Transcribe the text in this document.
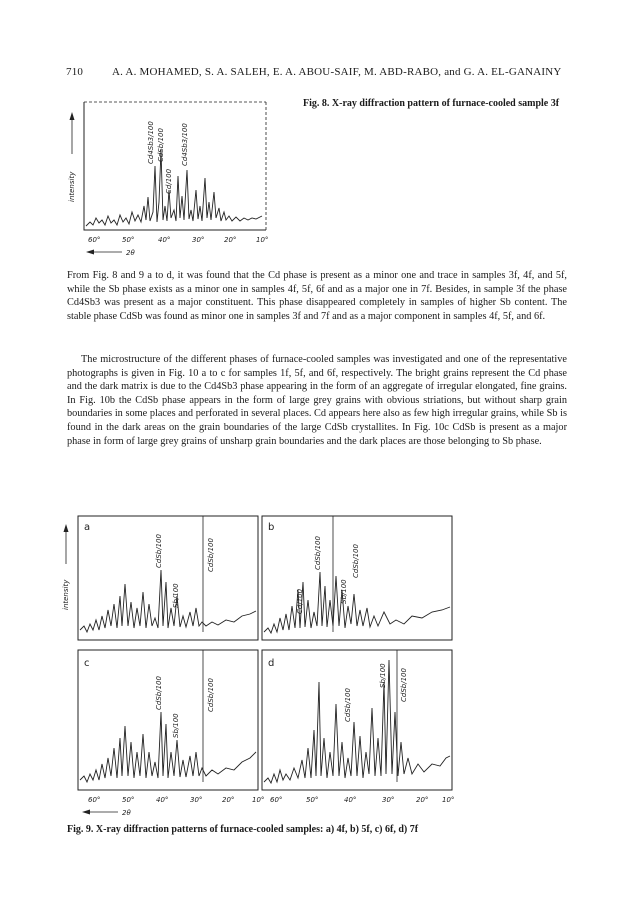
710	A. A. MOHAMED, S. A. SALEH, E. A. ABOU-SAIF, M. ABD-RABO, and G. A. EL-GANAINY
intensity
Cd4Sb3/100 CdSb/100
Cd/100
Cd4Sb3/100
60°	50°	40°	30°	20°	10°
2θ
Fig. 8. X-ray diffraction pattern of furnace-cooled sample 3f
From Fig. 8 and 9 a to d, it was found that the Cd phase is present as a minor one and trace in samples 3f, 4f, and 5f, while the Sb phase exists as a minor one in samples 4f, 5f, 6f and as a major one in 7f. Besides, in sample 3f the phase Cd4Sb3 was present as a major constituent. This phase disappeared completely in samples of higher Sb content. The stable phase CdSb was found as minor one in samples 3f and 7f and as a major component in samples 4f, 5f, and 6f.
The microstructure of the different phases of furnace-cooled samples was investigated and one of the representative photographs is given in Fig. 10 a to c for samples 1f, 5f, and 6f, respectively. The bright grains represent the Cd phase and the dark matrix is due to the Cd4Sb3 phase appearing in the form of an aggregate of irregular elongated, fine grains. In Fig. 10b the CdSb phase appears in the form of large grey grains with obvious striations, but without sharp grain boundaries in some places and perforated in several places. Cd appears here also as few high irregular grains, while Sb is found in the dark areas on the grain boundaries of the large CdSb crystallites. In Fig. 10c CdSb is present as a major phase in form of large grey grains of unsharp grain boundaries and the dark places are those belonging to Sb phase.
intensity
a
CdSb/100
Sb/100
CdSb/100
b
CdSb/100
Cd/100	Sb/100
CdSb/100
c
CdSb/100
Sb/100
CdSb/100
d
CdSb/100
Sb/100 CdSb/100
60°	50°	40°	30°	20°	10° 60°	50°	40°	30°	20° 10°
2θ
Fig. 9. X-ray diffraction patterns of furnace-cooled samples: a) 4f, b) 5f, c) 6f, d) 7f
